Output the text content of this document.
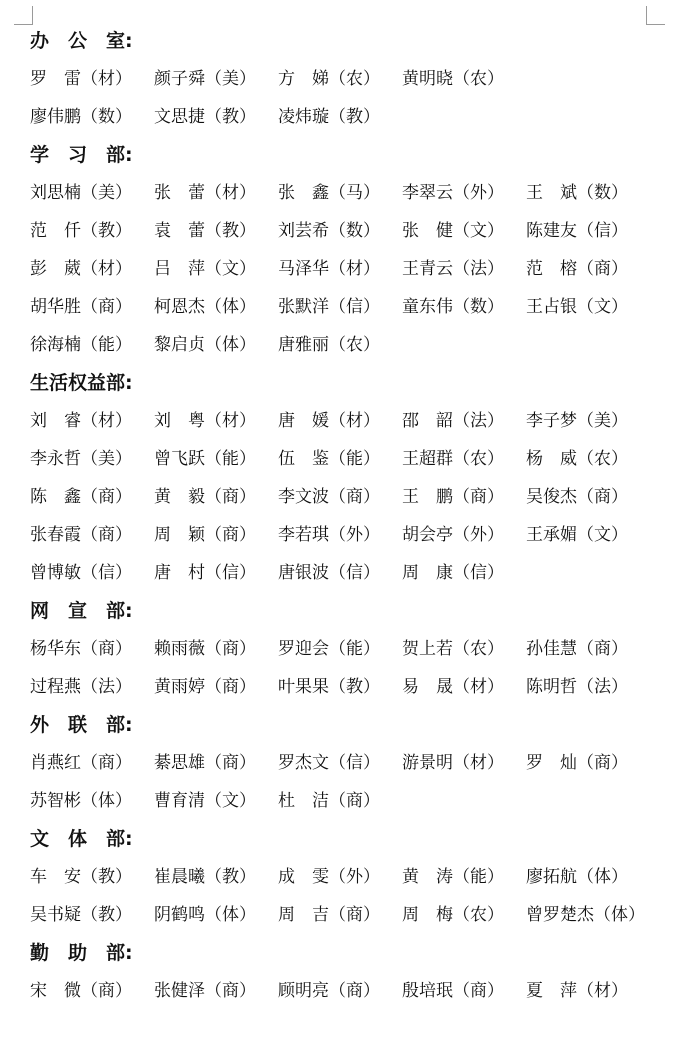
办　公　室:
罗　雷（材）	颜子舜（美）	方　娣（农）	黄明晓（农）
廖伟鹏（数）	文思捷（教）	凌炜璇（教）
学　习　部:
刘思楠（美）	张　蕾（材）	张　鑫（马）	李翠云（外）	王　斌（数）
范　仟（教）	袁　蕾（教）	刘芸希（数）	张　健（文）	陈建友（信）
彭　葳（材）	吕　萍（文）	马泽华（材）	王青云（法）	范　榕（商）
胡华胜（商）	柯恩杰（体）	张默洋（信）	童东伟（数）	王占银（文）
徐海楠（能）	黎启贞（体）	唐雅丽（农）
生活权益部:
刘　睿（材）	刘　粤（材）	唐　媛（材）	邵　韶（法）	李子梦（美）
李永哲（美）	曾飞跃（能）	伍　鉴（能）	王超群（农）	杨　威（农）
陈　鑫（商）	黄　毅（商）	李文波（商）	王　鹏（商）	吴俊杰（商）
张春霞（商）	周　颖（商）	李若琪（外）	胡会亭（外）	王承媚（文）
曾博敏（信）	唐　村（信）	唐银波（信）	周　康（信）
网　宣　部:
杨华东（商）	赖雨薇（商）	罗迎会（能）	贺上若（农）	孙佳慧（商）
过程燕（法）	黄雨婷（商）	叶果果（教）	易　晟（材）	陈明哲（法）
外　联　部:
肖燕红（商）	綦思雄（商）	罗杰文（信）	游景明（材）	罗　灿（商）
苏智彬（体）	曹育清（文）	杜　洁（商）
文　体　部:
车　安（教）	崔晨曦（教）	成　雯（外）	黄　涛（能）	廖拓航（体）
吴书疑（教）	阴鹤鸣（体）	周　吉（商）	周　梅（农）	曾罗楚杰（体）
勤　助　部:
宋　微（商）	张健泽（商）	顾明亮（商）	殷培珉（商）	夏　萍（材）
